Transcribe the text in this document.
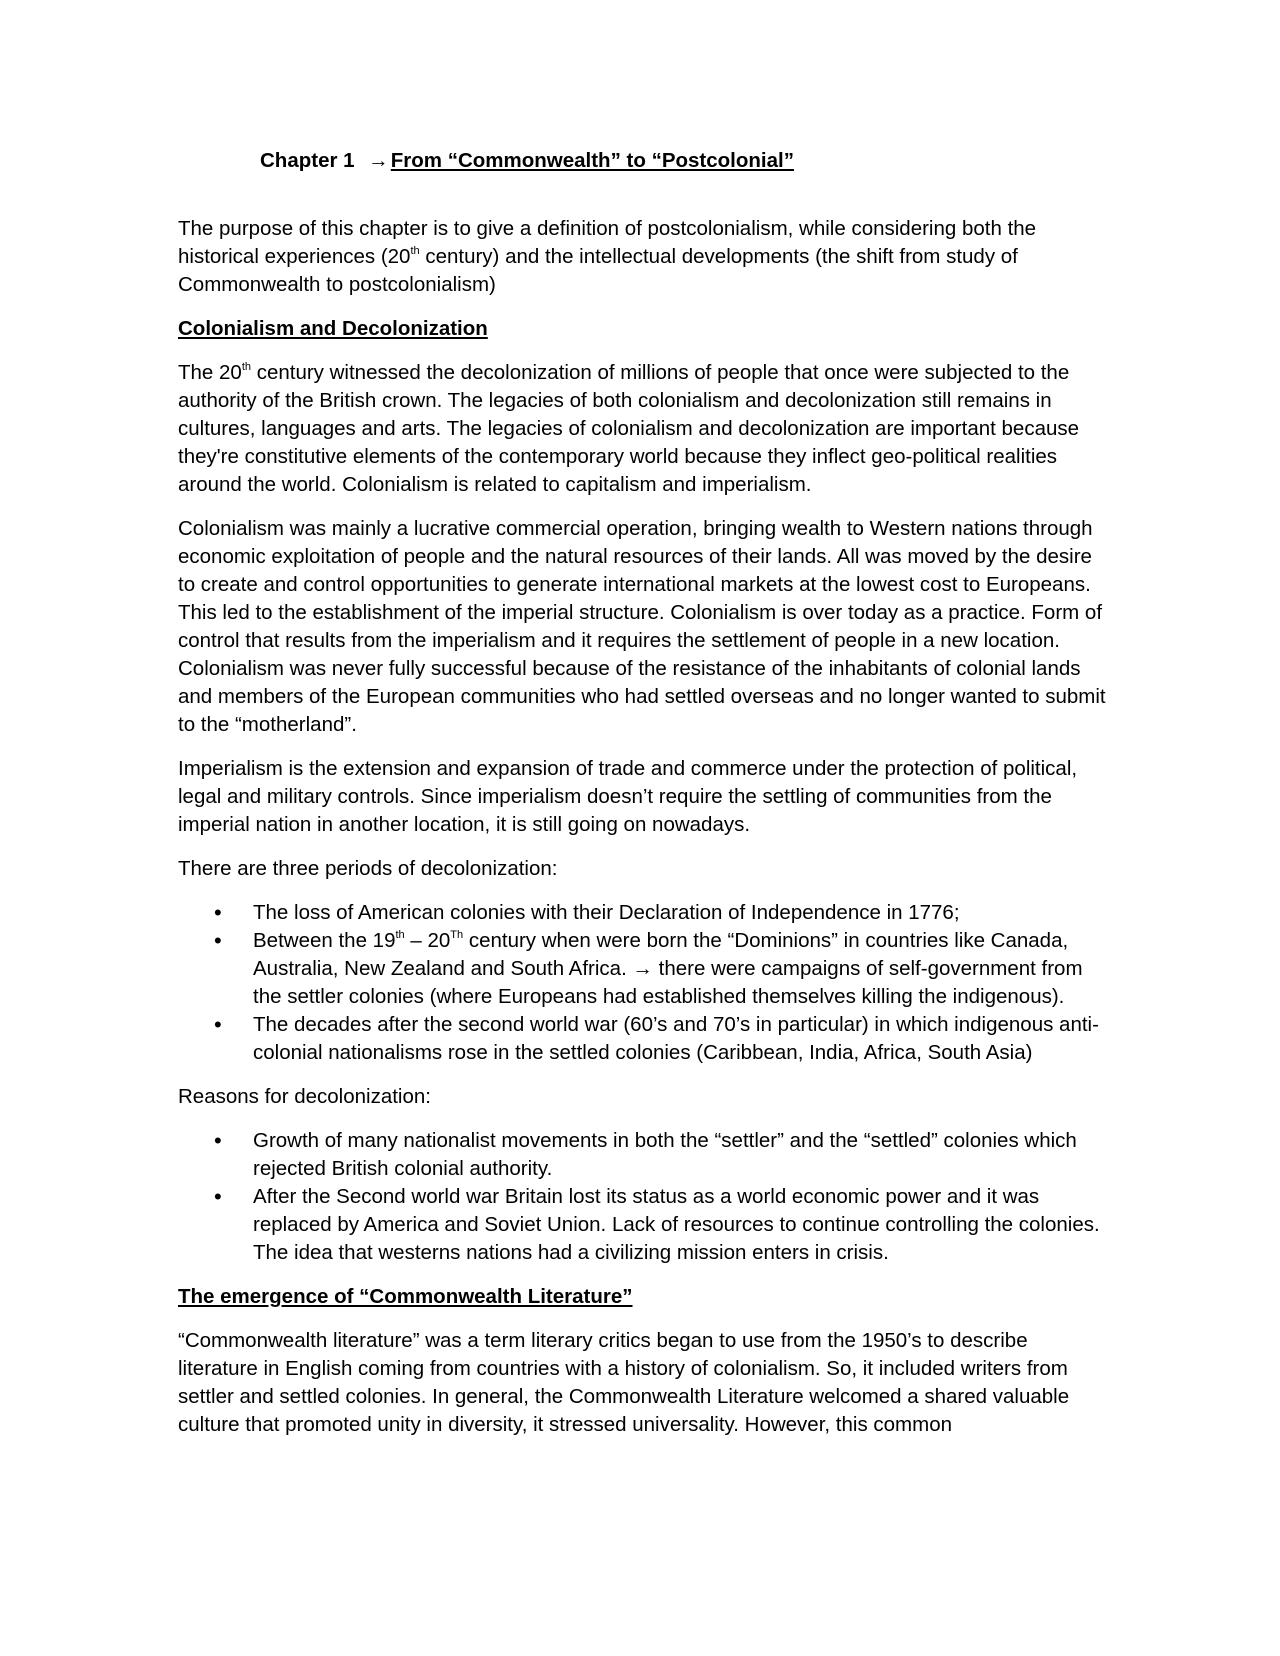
Chapter 1 →From “Commonwealth” to “Postcolonial”

The purpose of this chapter is to give a definition of postcolonialism, while considering both the historical experiences (20th century) and the intellectual developments (the shift from study of Commonwealth to postcolonialism)

Colonialism and Decolonization

The 20th century witnessed the decolonization of millions of people that once were subjected to the authority of the British crown. The legacies of both colonialism and decolonization still remains in cultures, languages and arts. The legacies of colonialism and decolonization are important because they're constitutive elements of the contemporary world because they inflect geo-political realities around the world. Colonialism is related to capitalism and imperialism.

Colonialism was mainly a lucrative commercial operation, bringing wealth to Western nations through economic exploitation of people and the natural resources of their lands. All was moved by the desire to create and control opportunities to generate international markets at the lowest cost to Europeans. This led to the establishment of the imperial structure. Colonialism is over today as a practice. Form of control that results from the imperialism and it requires the settlement of people in a new location. Colonialism was never fully successful because of the resistance of the inhabitants of colonial lands and members of the European communities who had settled overseas and no longer wanted to submit to the “motherland”.

Imperialism is the extension and expansion of trade and commerce under the protection of political, legal and military controls. Since imperialism doesn’t require the settling of communities from the imperial nation in another location, it is still going on nowadays.

There are three periods of decolonization:

• The loss of American colonies with their Declaration of Independence in 1776;
• Between the 19th – 20Th century when were born the “Dominions” in countries like Canada, Australia, New Zealand and South Africa. → there were campaigns of self-government from the settler colonies (where Europeans had established themselves killing the indigenous).
• The decades after the second world war (60’s and 70’s in particular) in which indigenous anti-colonial nationalisms rose in the settled colonies (Caribbean, India, Africa, South Asia)

Reasons for decolonization:

• Growth of many nationalist movements in both the “settler” and the “settled” colonies which rejected British colonial authority.
• After the Second world war Britain lost its status as a world economic power and it was replaced by America and Soviet Union. Lack of resources to continue controlling the colonies. The idea that westerns nations had a civilizing mission enters in crisis.
The emergence of “Commonwealth Literature”

“Commonwealth literature” was a term literary critics began to use from the 1950’s to describe literature in English coming from countries with a history of colonialism. So, it included writers from settler and settled colonies. In general, the Commonwealth Literature welcomed a shared valuable culture that promoted unity in diversity, it stressed universality. However, this common
